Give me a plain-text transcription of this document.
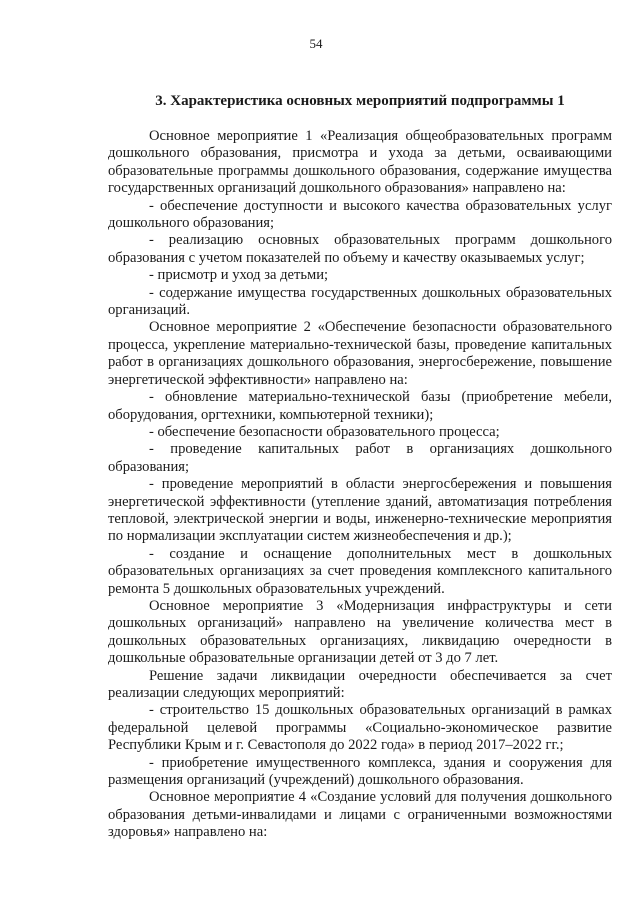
54
3. Характеристика основных мероприятий подпрограммы 1

Основное мероприятие 1 «Реализация общеобразовательных программ дошкольного образования, присмотра и ухода за детьми, осваивающими образовательные программы дошкольного образования, содержание имущества государственных организаций дошкольного образования» направлено на:

- обеспечение доступности и высокого качества образовательных услуг дошкольного образования;

- реализацию основных образовательных программ дошкольного образования с учетом показателей по объему и качеству оказываемых услуг;

- присмотр и уход за детьми;

- содержание имущества государственных дошкольных образовательных организаций.

Основное мероприятие 2 «Обеспечение безопасности образовательного процесса, укрепление материально-технической базы, проведение капитальных работ в организациях дошкольного образования, энергосбережение, повышение энергетической эффективности» направлено на:

- обновление материально-технической базы (приобретение мебели, оборудования, оргтехники, компьютерной техники);

- обеспечение безопасности образовательного процесса;

- проведение капитальных работ в организациях дошкольного образования;

- проведение мероприятий в области энергосбережения и повышения энергетической эффективности (утепление зданий, автоматизация потребления тепловой, электрической энергии и воды, инженерно-технические мероприятия по нормализации эксплуатации систем жизнеобеспечения и др.);

- создание и оснащение дополнительных мест в дошкольных образовательных организациях за счет проведения комплексного капитального ремонта 5 дошкольных образовательных учреждений.

Основное мероприятие 3 «Модернизация инфраструктуры и сети дошкольных организаций» направлено на увеличение количества мест в дошкольных образовательных организациях, ликвидацию очередности в дошкольные образовательные организации детей от 3 до 7 лет.

Решение задачи ликвидации очередности обеспечивается за счет реализации следующих мероприятий:

- строительство 15 дошкольных образовательных организаций в рамках федеральной целевой программы «Социально-экономическое развитие Республики Крым и г. Севастополя до 2022 года» в период 2017–2022 гг.;

- приобретение имущественного комплекса, здания и сооружения для размещения организаций (учреждений) дошкольного образования.

Основное мероприятие 4 «Создание условий для получения дошкольного образования детьми-инвалидами и лицами с ограниченными возможностями здоровья» направлено на:
